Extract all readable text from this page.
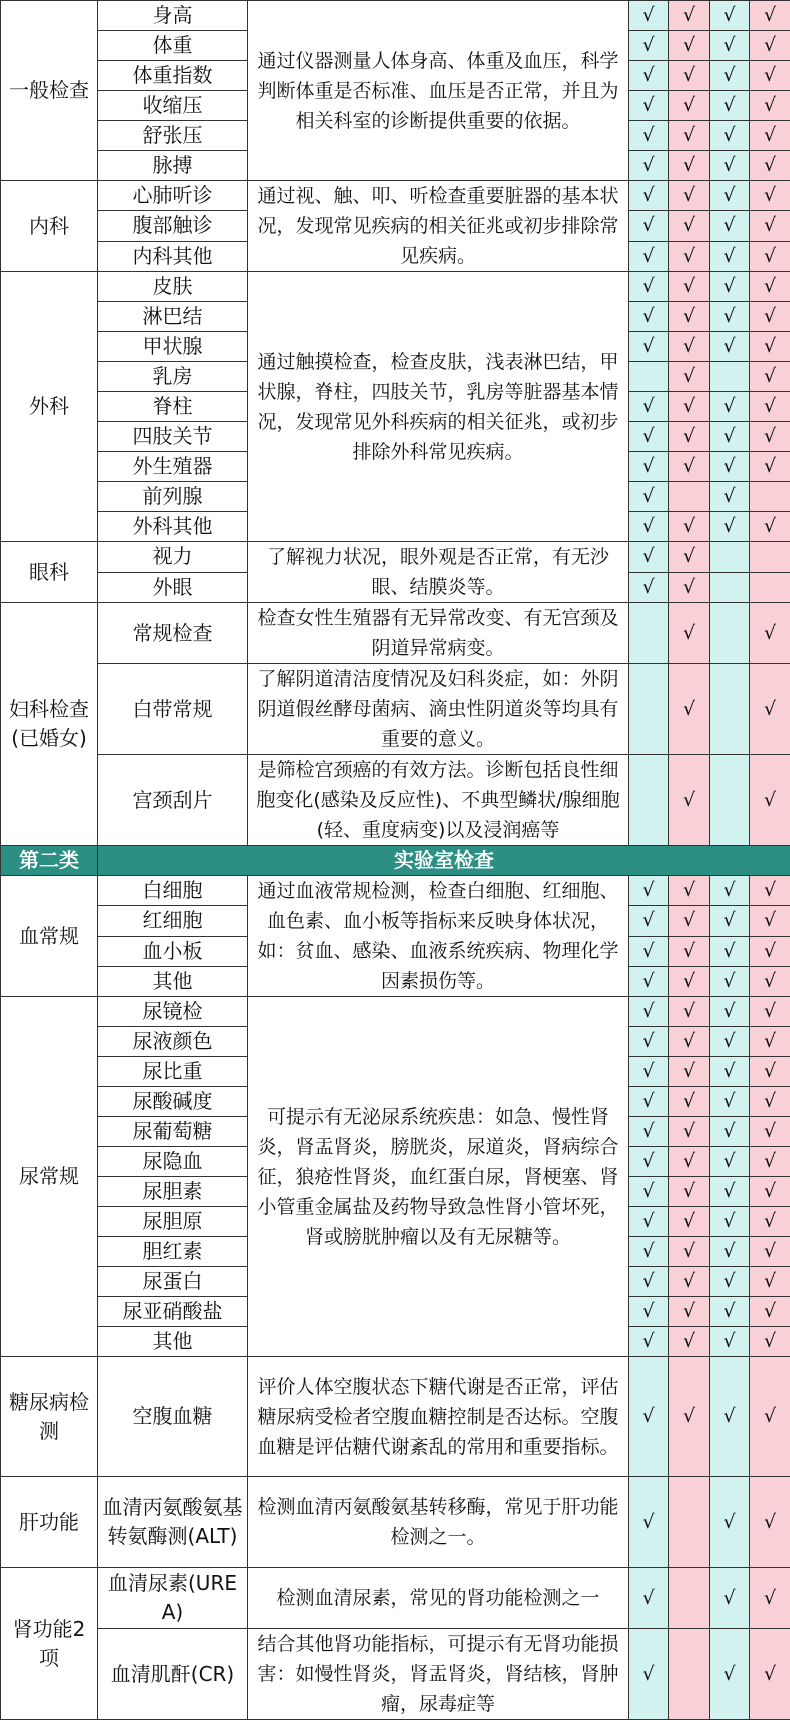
一般检查	身高	通过仪器测量人体身高、体重及血压，科学判断体重是否标准、血压是否正常，并且为相关科室的诊断提供重要的依据。	√	√	√	√
	体重		√	√	√	√
	体重指数		√	√	√	√
	收缩压		√	√	√	√
	舒张压		√	√	√	√
	脉搏		√	√	√	√
内科	心肺听诊	通过视、触、叩、听检查重要脏器的基本状况，发现常见疾病的相关征兆或初步排除常见疾病。	√	√	√	√
	腹部触诊		√	√	√	√
	内科其他		√	√	√	√
外科	皮肤	通过触摸检查，检查皮肤，浅表淋巴结，甲状腺，脊柱，四肢关节，乳房等脏器基本情况，发现常见外科疾病的相关征兆，或初步排除外科常见疾病。	√	√	√	√
	淋巴结		√	√	√	√
	甲状腺		√	√	√	√
	乳房			√		√
	脊柱		√	√	√	√
	四肢关节		√	√	√	√
	外生殖器		√	√	√	√
	前列腺		√		√	
	外科其他		√	√	√	√
眼科	视力	了解视力状况，眼外观是否正常，有无沙眼、结膜炎等。	√	√		
	外眼		√	√		
妇科检查(已婚女)	常规检查	检查女性生殖器有无异常改变、有无宫颈及阴道异常病变。		√		√
	白带常规	了解阴道清洁度情况及妇科炎症，如：外阴阴道假丝酵母菌病、滴虫性阴道炎等均具有重要的意义。		√		√
	宫颈刮片	是筛检宫颈癌的有效方法。诊断包括良性细胞变化(感染及反应性)、不典型鳞状/腺细胞(轻、重度病变)以及浸润癌等		√		√
第二类	实验室检查					
血常规	白细胞	通过血液常规检测，检查白细胞、红细胞、血色素、血小板等指标来反映身体状况，如：贫血、感染、血液系统疾病、物理化学因素损伤等。	√	√	√	√
	红细胞		√	√	√	√
	血小板		√	√	√	√
	其他		√	√	√	√
尿常规	尿镜检	可提示有无泌尿系统疾患：如急、慢性肾炎，肾盂肾炎，膀胱炎，尿道炎，肾病综合征，狼疮性肾炎，血红蛋白尿，肾梗塞、肾小管重金属盐及药物导致急性肾小管坏死，肾或膀胱肿瘤以及有无尿糖等。	√	√	√	√
	尿液颜色		√	√	√	√
	尿比重		√	√	√	√
	尿酸碱度		√	√	√	√
	尿葡萄糖		√	√	√	√
	尿隐血		√	√	√	√
	尿胆素		√	√	√	√
	尿胆原		√	√	√	√
	胆红素		√	√	√	√
	尿蛋白		√	√	√	√
	尿亚硝酸盐		√	√	√	√
	其他		√	√	√	√
糖尿病检测	空腹血糖	评价人体空腹状态下糖代谢是否正常，评估糖尿病受检者空腹血糖控制是否达标。空腹血糖是评估糖代谢紊乱的常用和重要指标。	√	√	√	√
肝功能	血清丙氨酸氨基转氨酶测(ALT)	检测血清丙氨酸氨基转移酶，常见于肝功能检测之一。	√		√	√
肾功能2项	血清尿素(UREA)	检测血清尿素，常见的肾功能检测之一	√		√	√
	血清肌酐(CR)	结合其他肾功能指标，可提示有无肾功能损害：如慢性肾炎，肾盂肾炎，肾结核，肾肿瘤，尿毒症等	√		√	√
